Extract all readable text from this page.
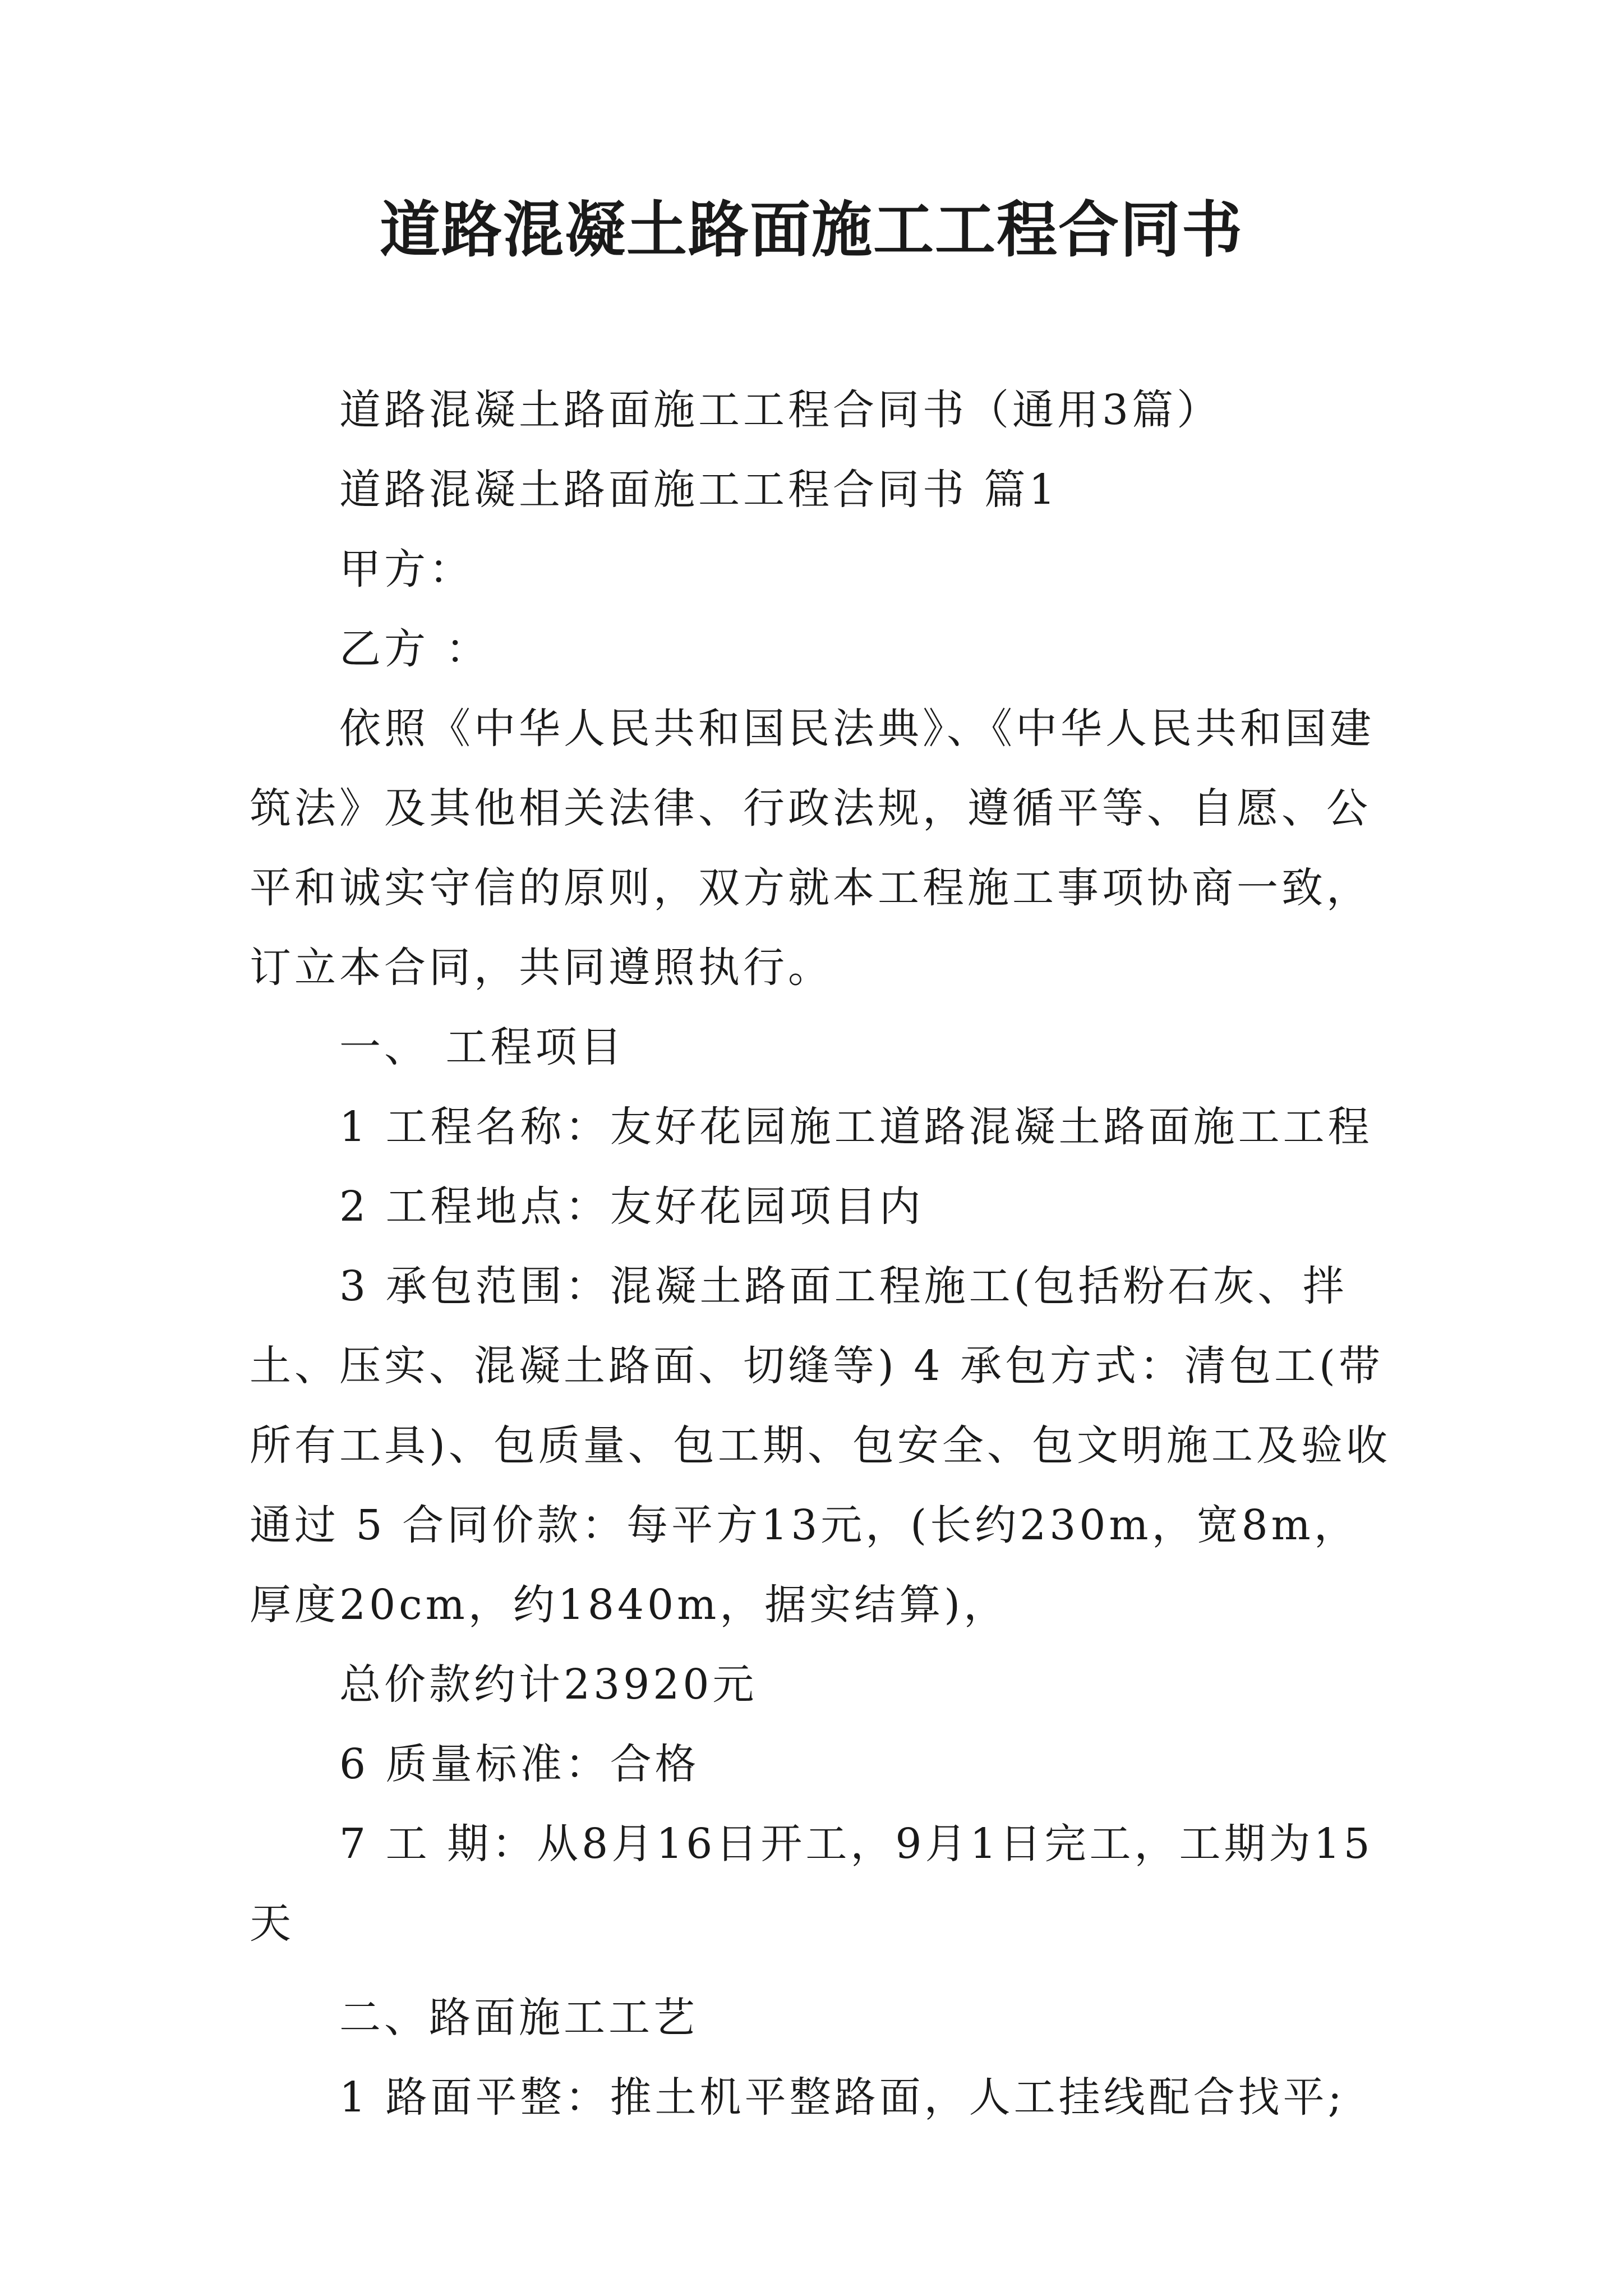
道路混凝土路面施工工程合同书

道路混凝土路面施工工程合同书（通用3篇）

道路混凝土路面施工工程合同书 篇1

甲方：

乙方 ：

依照《中华人民共和国民法典》、《中华人民共和国建筑法》及其他相关法律、行政法规，遵循平等、自愿、公平和诚实守信的原则，双方就本工程施工事项协商一致，订立本合同，共同遵照执行。

一、 工程项目

1 工程名称：友好花园施工道路混凝土路面施工工程

2 工程地点：友好花园项目内

3 承包范围：混凝土路面工程施工(包括粉石灰、拌土、压实、混凝土路面、切缝等) 4 承包方式：清包工(带所有工具)、包质量、包工期、包安全、包文明施工及验收通过 5 合同价款：每平方13元，(长约230m，宽8m，厚度20cm，约1840m，据实结算)，

总价款约计23920元

6 质量标准：合格

7 工 期：从8月16日开工，9月1日完工，工期为15天

二、路面施工工艺

1 路面平整：推土机平整路面，人工挂线配合找平;
